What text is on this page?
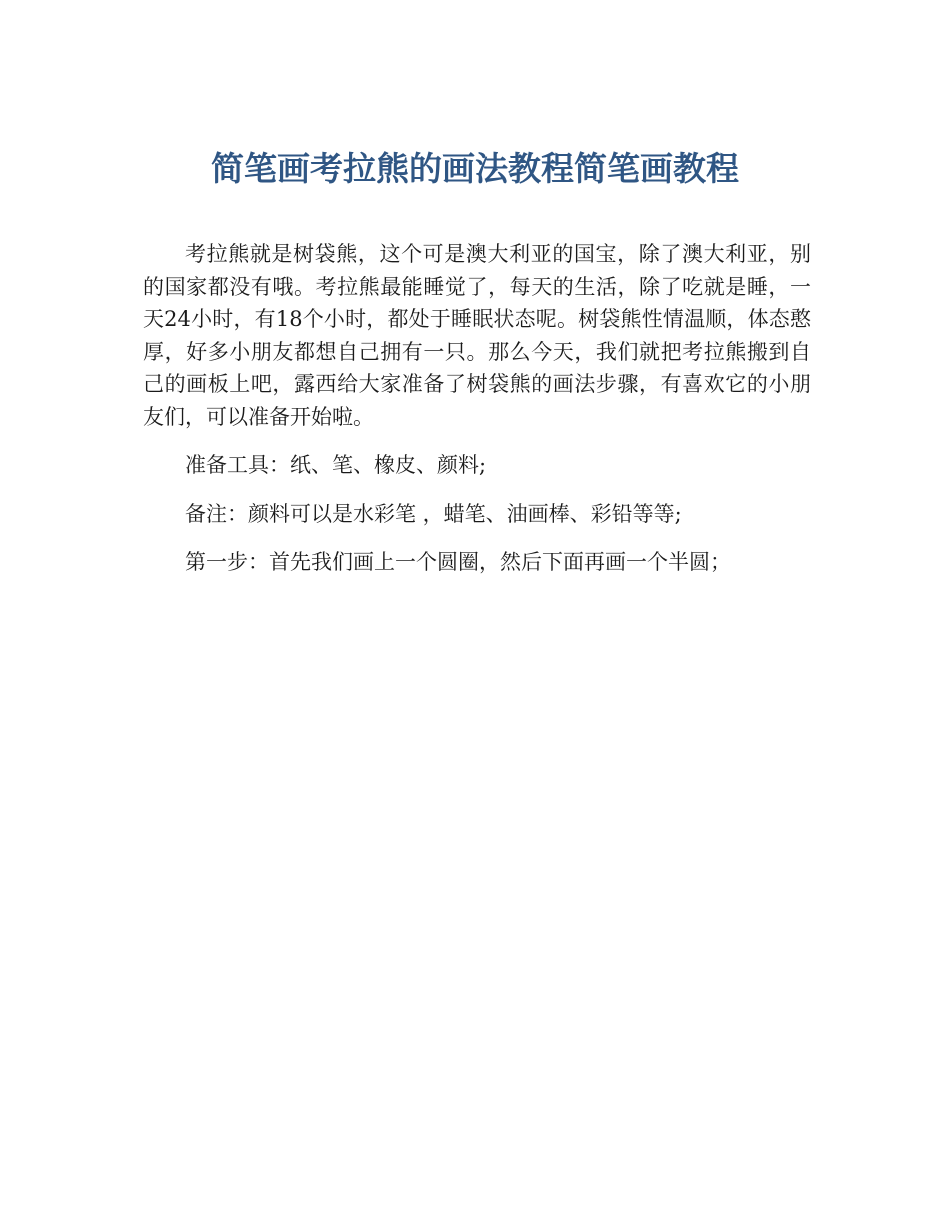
简笔画考拉熊的画法教程简笔画教程

考拉熊就是树袋熊，这个可是澳大利亚的国宝，除了澳大利亚，别的国家都没有哦。考拉熊最能睡觉了，每天的生活，除了吃就是睡，一天24小时，有18个小时，都处于睡眠状态呢。树袋熊性情温顺，体态憨厚，好多小朋友都想自己拥有一只。那么今天，我们就把考拉熊搬到自己的画板上吧，露西给大家准备了树袋熊的画法步骤，有喜欢它的小朋友们，可以准备开始啦。

准备工具：纸、笔、橡皮、颜料;

备注：颜料可以是水彩笔 ，蜡笔、油画棒、彩铅等等;

第一步：首先我们画上一个圆圈，然后下面再画一个半圆；
